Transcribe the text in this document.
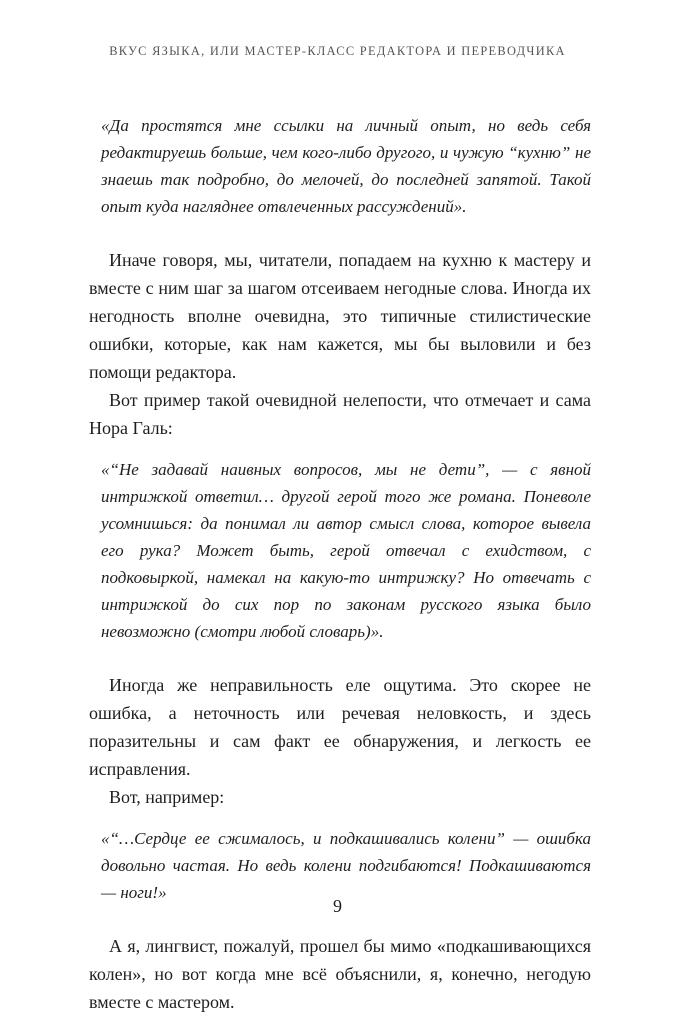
ВКУС ЯЗЫКА, ИЛИ МАСТЕР-КЛАСС РЕДАКТОРА И ПЕРЕВОДЧИКА

«Да простятся мне ссылки на личный опыт, но ведь себя редактируешь больше, чем кого-либо другого, и чужую “кухню” не знаешь так подробно, до мелочей, до последней запятой. Такой опыт куда нагляднее отвлеченных рассуждений».

Иначе говоря, мы, читатели, попадаем на кухню к мастеру и вместе с ним шаг за шагом отсеиваем негодные слова. Иногда их негодность вполне очевидна, это типичные стилистические ошибки, которые, как нам кажется, мы бы выловили и без помощи редактора.

Вот пример такой очевидной нелепости, что отмечает и сама Нора Галь:

«“Не задавай наивных вопросов, мы не дети”, — с явной интрижкой ответил… другой герой того же романа. Поневоле усомнишься: да понимал ли автор смысл слова, которое вывела его рука? Может быть, герой отвечал с ехидством, с подковыркой, намекал на какую-то интрижку? Но отвечать с интрижкой до сих пор по законам русского языка было невозможно (смотри любой словарь)».

Иногда же неправильность еле ощутима. Это скорее не ошибка, а неточность или речевая неловкость, и здесь поразительны и сам факт ее обнаружения, и легкость ее исправления.

Вот, например:

«“…Сердце ее сжималось, и подкашивались колени” — ошибка довольно частая. Но ведь колени подгибаются! Подкашиваются — ноги!»

А я, лингвист, пожалуй, прошел бы мимо «подкашивающихся колен», но вот когда мне всё объяснили, я, конечно, негодую вместе с мастером.

9
